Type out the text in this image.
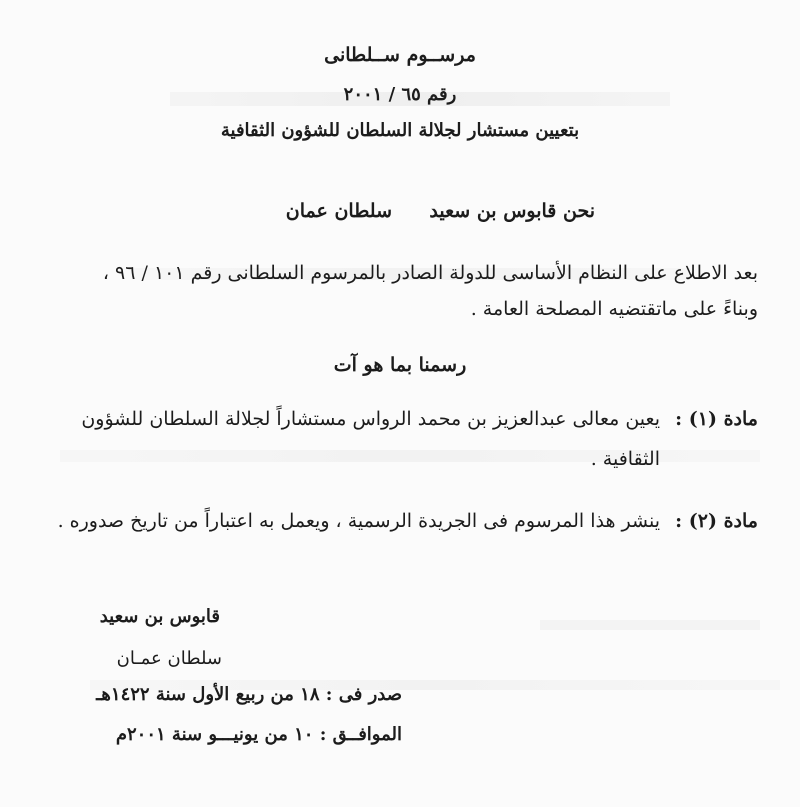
مرســوم ســلطانى
رقم ٦٥ / ٢٠٠١
بتعيين مستشار لجلالة السلطان للشؤون الثقافية
نحن قابوس بن سعيد
سلطان عمان
بعد الاطلاع على النظام الأساسى للدولة الصادر بالمرسوم السلطانى رقم ١٠١ / ٩٦ ،
وبناءً على ماتقتضيه المصلحة العامة .
رسمنا بما هو آت
مادة (١) :
يعين معالى عبدالعزيز بن محمد الرواس مستشاراً لجلالة السلطان للشؤون
الثقافية .
مادة (٢) :
ينشر هذا المرسوم فى الجريدة الرسمية ، ويعمل به اعتباراً من تاريخ صدوره .
قابوس بن سعيد
سلطان عمـان
صدر فى : ١٨ من ربيع الأول سنة ١٤٢٢هـ
الموافــق : ١٠ من يونيـــو سنة ٢٠٠١م
